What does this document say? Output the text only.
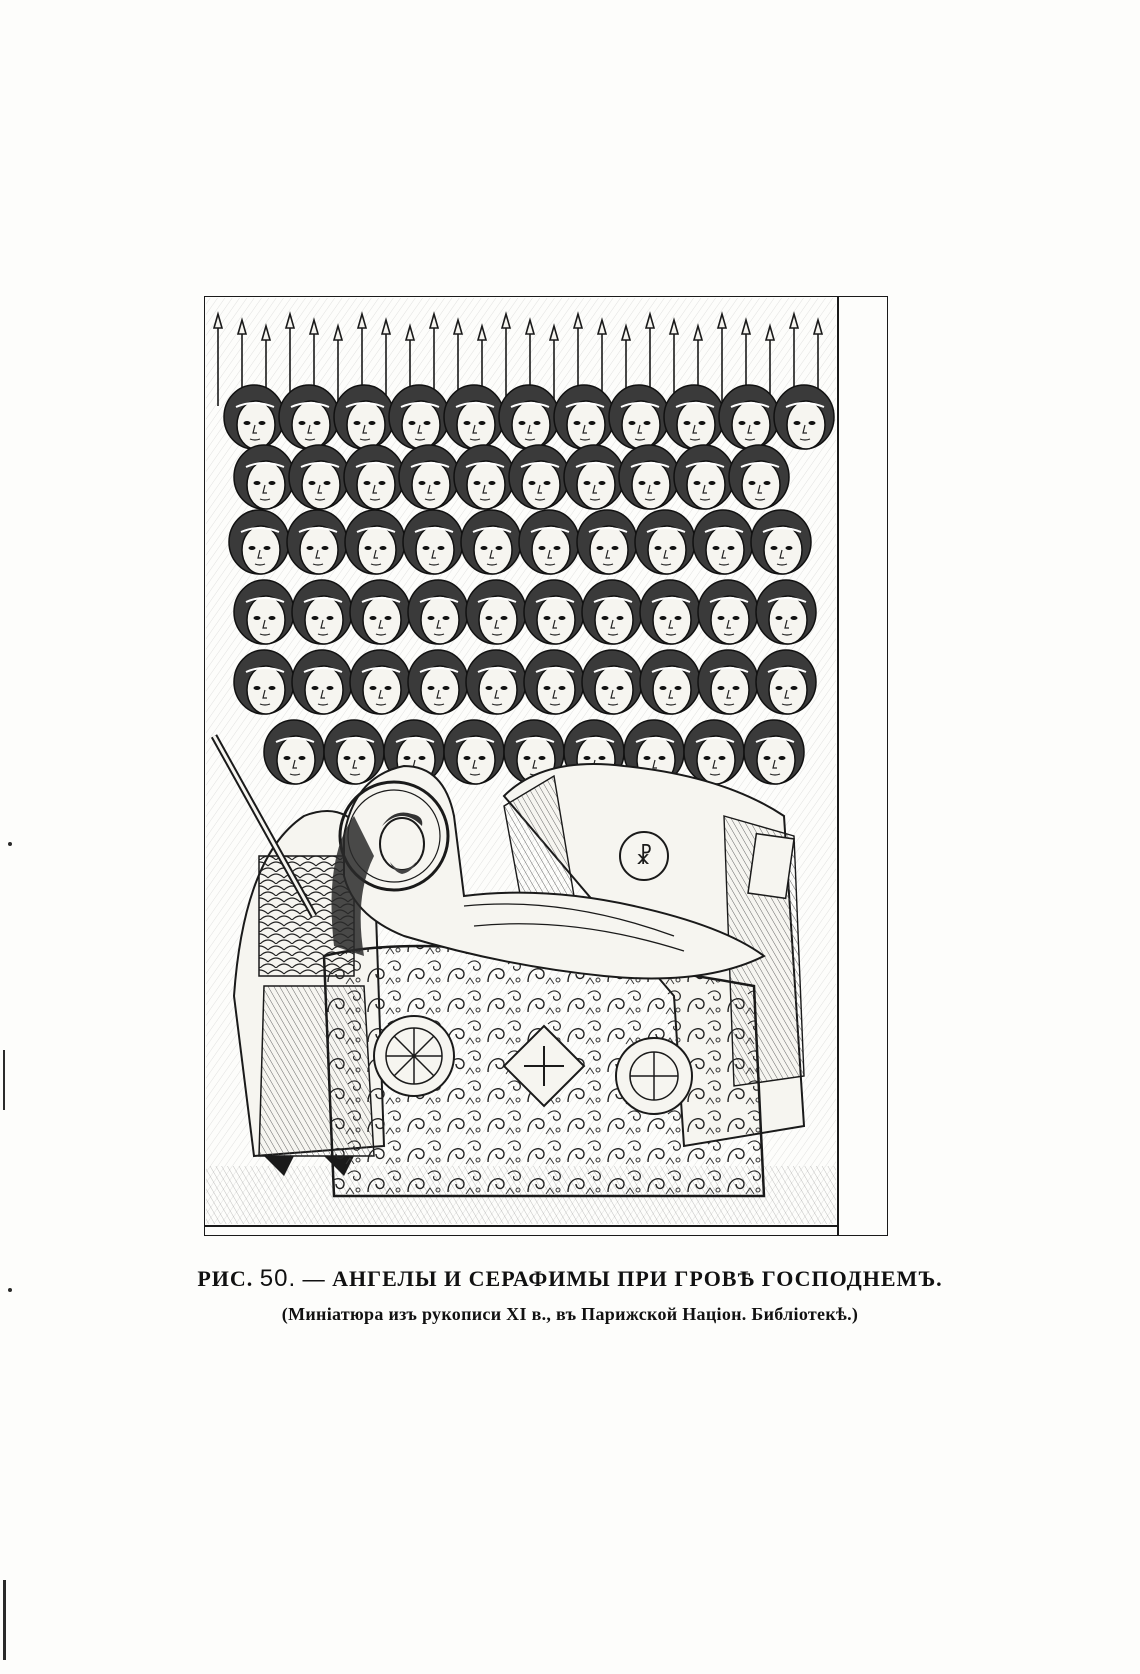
☧
РИС. 50. — АНГЕЛЫ И СЕРАФИМЫ ПРИ ГРОВѢ ГОСПОДНЕМЪ.
(Миніатюра изъ рукописи XI в., въ Парижской Націон. Библіотекѣ.)
